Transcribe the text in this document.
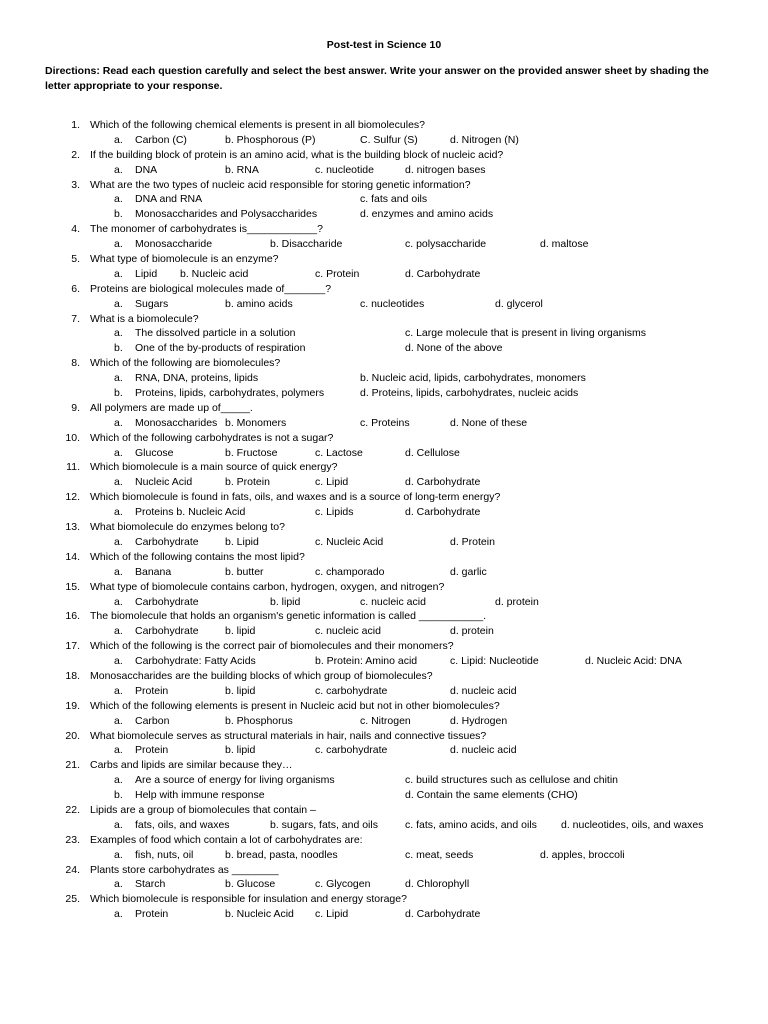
Post-test in Science 10
Directions: Read each question carefully and select the best answer. Write your answer on the provided answer sheet by shading the letter appropriate to your response.
1. Which of the following chemical elements is present in all biomolecules?
a. Carbon (C)	b. Phosphorous (P)	C. Sulfur (S)	d. Nitrogen (N)
2. If the building block of protein is an amino acid, what is the building block of nucleic acid?
a. DNA	b. RNA	c. nucleotide	d. nitrogen bases
3. What are the two types of nucleic acid responsible for storing genetic information?
a. DNA and RNA	c. fats and oils
b. Monosaccharides and Polysaccharides	d. enzymes and amino acids
4. The monomer of carbohydrates is____________?
a. Monosaccharide	b. Disaccharide	c. polysaccharide	d. maltose
5. What type of biomolecule is an enzyme?
a. Lipid b. Nucleic acid	c. Protein	d. Carbohydrate
6. Proteins are biological molecules made of_______?
a. Sugars	b. amino acids	c. nucleotides	d. glycerol
7. What is a biomolecule?
a. The dissolved particle in a solution	c. Large molecule that is present in living organisms
b. One of the by-products of respiration	d. None of the above
8. Which of the following are biomolecules?
a. RNA, DNA, proteins, lipids	b. Nucleic acid, lipids, carbohydrates, monomers
b. Proteins, lipids, carbohydrates, polymers	d. Proteins, lipids, carbohydrates, nucleic acids
9. All polymers are made up of_____.
a. Monosaccharides b. Monomers	c. Proteins	d. None of these
10. Which of the following carbohydrates is not a sugar?
a. Glucose	b. Fructose	c. Lactose	d. Cellulose
11. Which biomolecule is a main source of quick energy?
a. Nucleic Acid	b. Protein	c. Lipid	d. Carbohydrate
12. Which biomolecule is found in fats, oils, and waxes and is a source of long-term energy?
a. Proteins b. Nucleic Acid	c. Lipids	d. Carbohydrate
13. What biomolecule do enzymes belong to?
a. Carbohydrate	b. Lipid	c. Nucleic Acid	d. Protein
14. Which of the following contains the most lipid?
a. Banana	b. butter	c. champorado	d. garlic
15. What type of biomolecule contains carbon, hydrogen, oxygen, and nitrogen?
a. Carbohydrate	b. lipid	c. nucleic acid	d. protein
16. The biomolecule that holds an organism's genetic information is called ___________.
a. Carbohydrate	b. lipid	c. nucleic acid	d. protein
17. Which of the following is the correct pair of biomolecules and their monomers?
a. Carbohydrate: Fatty Acids	b. Protein: Amino acid	c. Lipid: Nucleotide	d. Nucleic Acid: DNA
18. Monosaccharides are the building blocks of which group of biomolecules?
a. Protein	b. lipid	c. carbohydrate	d. nucleic acid
19. Which of the following elements is present in Nucleic acid but not in other biomolecules?
a. Carbon	b. Phosphorus	c. Nitrogen	d. Hydrogen
20. What biomolecule serves as structural materials in hair, nails and connective tissues?
a. Protein	b. lipid	c. carbohydrate	d. nucleic acid
21. Carbs and lipids are similar because they…
a. Are a source of energy for living organisms	c. build structures such as cellulose and chitin
b. Help with immune response	d. Contain the same elements (CHO)
22. Lipids are a group of biomolecules that contain –
a. fats, oils, and waxes	b. sugars, fats, and oils	c. fats, amino acids, and oils d. nucleotides, oils, and waxes
23. Examples of food which contain a lot of carbohydrates are:
a. fish, nuts, oil	b. bread, pasta, noodles	c. meat, seeds	d. apples, broccoli
24. Plants store carbohydrates as ________
a. Starch	b. Glucose	c. Glycogen	d. Chlorophyll
25. Which biomolecule is responsible for insulation and energy storage?
a. Protein	b. Nucleic Acid c. Lipid	d. Carbohydrate
